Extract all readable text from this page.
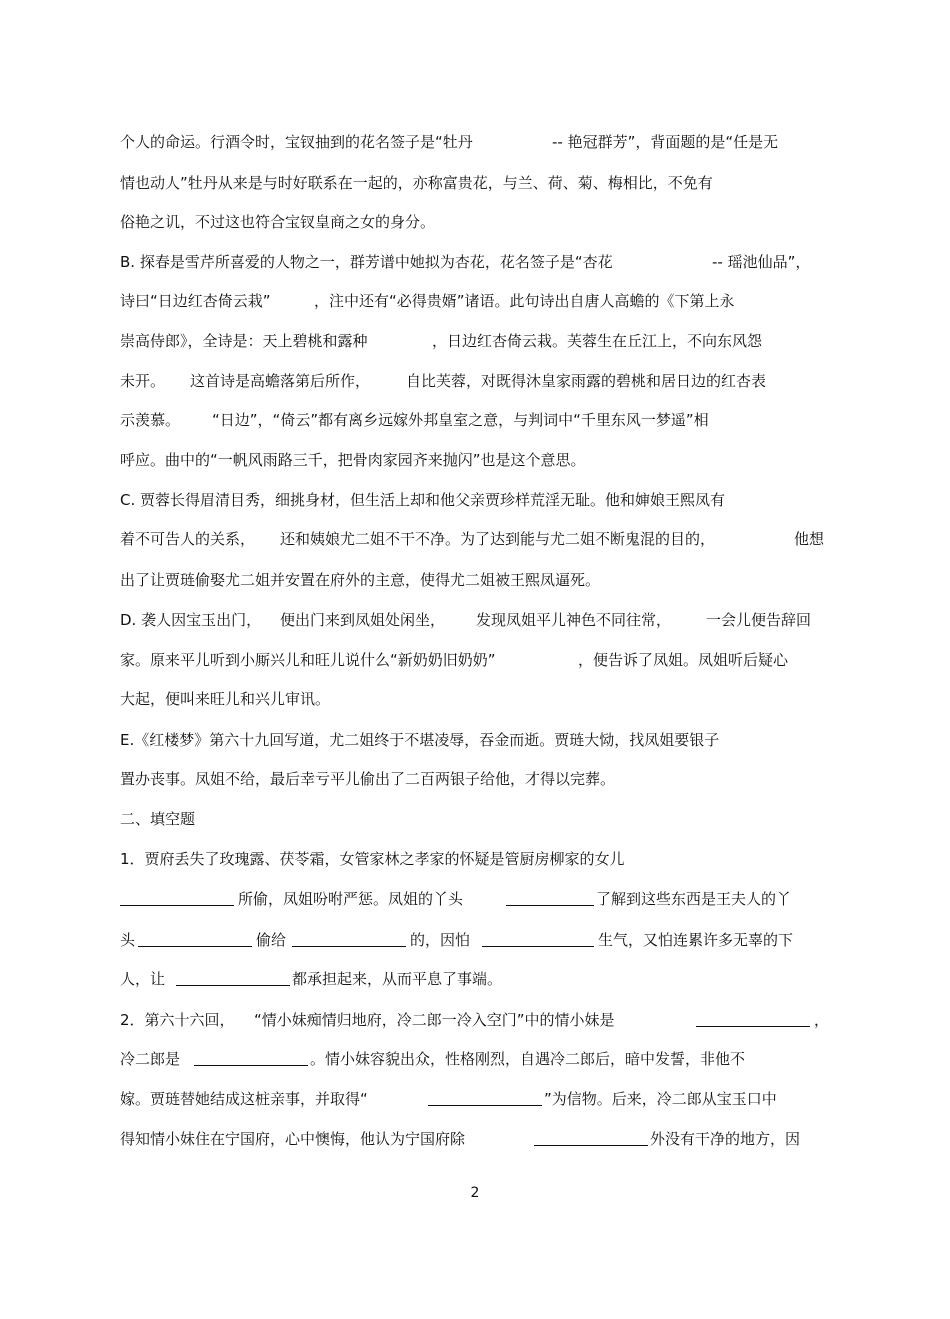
个人的命运。行酒令时，宝钗抽到的花名签子是“牡丹

	-- 艳冠群芳”，背面题的是“任是无

情也动人”牡丹从来是与时好联系在一起的，亦称富贵花，与兰、荷、菊、梅相比，不免有

俗艳之讥，不过这也符合宝钗皇商之女的身分。

B. 探春是雪芹所喜爱的人物之一，群芳谱中她拟为杏花，花名签子是“杏花

	-- 瑶池仙品”，

诗曰“日边红杏倚云栽”

	，注中还有“必得贵婿”诸语。此句诗出自唐人高蟾的《下第上永

崇高侍郎》，全诗是：天上碧桃和露种

	，日边红杏倚云栽。芙蓉生在丘江上，不向东风怨

未开。

这首诗是高蟾落第后所作，

自比芙蓉，对既得沐皇家雨露的碧桃和居日边的红杏表

示羡慕。

“日边”，“倚云”都有离乡远嫁外邦皇室之意，与判词中“千里东风一梦遥”相

呼应。曲中的“一帆风雨路三千，把骨肉家园齐来抛闪”也是这个意思。

C. 贾蓉长得眉清目秀，细挑身材，但生活上却和他父亲贾珍样荒淫无耻。他和婶娘王熙凤有

着不可告人的关系，

还和姨娘尤二姐不干不净。为了达到能与尤二姐不断鬼混的目的，

	他想

出了让贾琏偷娶尤二姐并安置在府外的主意，使得尤二姐被王熙凤逼死。

D. 袭人因宝玉出门，

便出门来到凤姐处闲坐，

发现凤姐平儿神色不同往常，

一会儿便告辞回

家。原来平儿听到小厮兴儿和旺儿说什么“新奶奶旧奶奶”

	，便告诉了凤姐。凤姐听后疑心

大起，便叫来旺儿和兴儿审讯。

E.《红楼梦》第六十九回写道，尤二姐终于不堪凌辱，吞金而逝。贾琏大恸，找凤姐要银子

置办丧事。凤姐不给，最后幸亏平儿偷出了二百两银子给他，才得以完葬。

二、填空题

1．贾府丢失了玫瑰露、茯苓霜，女管家林之孝家的怀疑是管厨房柳家的女儿

所偷，凤姐吩咐严惩。凤姐的丫头

	了解到这些东西是王夫人的丫

头

	偷给

	的，因怕

	生气，又怕连累许多无辜的下

人，让

	都承担起来，从而平息了事端。

2．第六十六回，

“情小妹痴情归地府，冷二郎一冷入空门”中的情小妹是

	，

冷二郎是

	。情小妹容貌出众，性格刚烈，自遇冷二郎后，暗中发誓，非他不

嫁。贾琏替她结成这桩亲事，并取得“

	”为信物。后来，冷二郎从宝玉口中

得知情小妹住在宁国府，心中懊悔，他认为宁国府除

	外没有干净的地方，因

2
